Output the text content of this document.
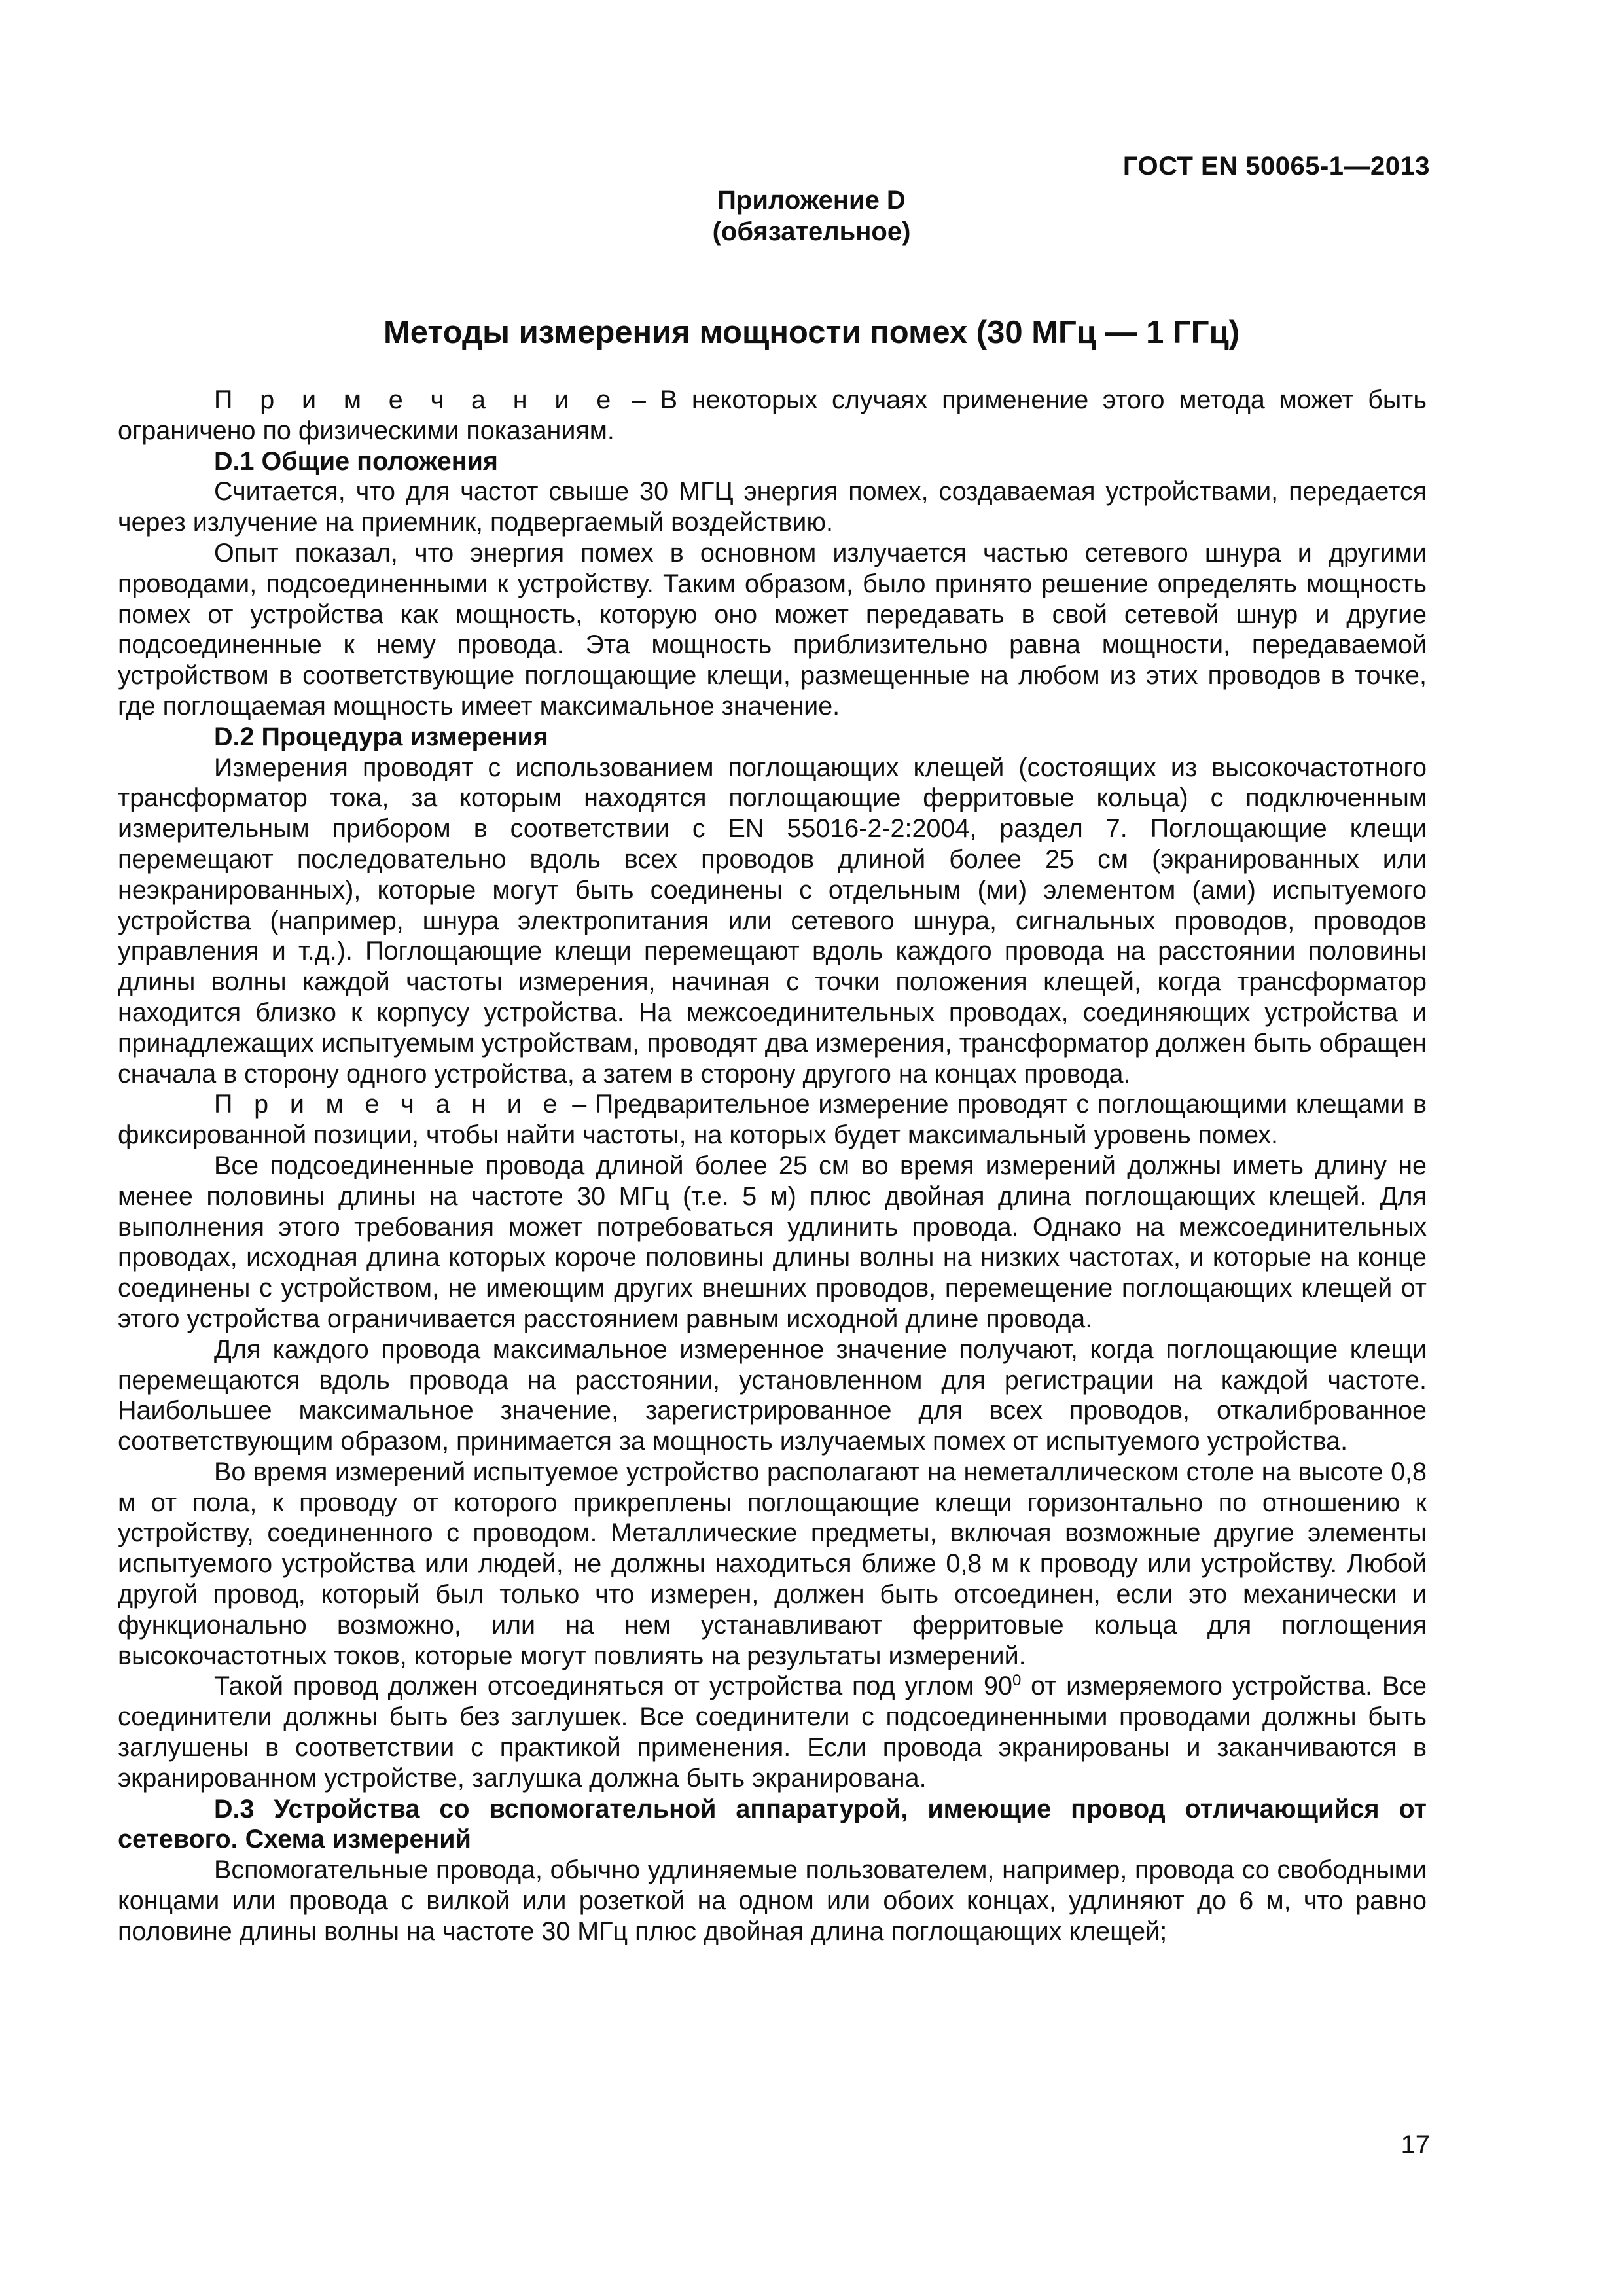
ГОСТ EN 50065-1—2013
Приложение D
(обязательное)
Методы измерения мощности помех (30 МГц — 1 ГГц)

П р и м е ч а н и е – В некоторых случаях применение этого метода может быть ограничено по физическими показаниям.

D.1 Общие положения

Считается, что для частот свыше 30 МГЦ энергия помех, создаваемая устройствами, передается через излучение на приемник, подвергаемый воздействию.

Опыт показал, что энергия помех в основном излучается частью сетевого шнура и другими проводами, подсоединенными к устройству. Таким образом, было принято решение определять мощность помех от устройства как мощность, которую оно может передавать в свой сетевой шнур и другие подсоединенные к нему провода. Эта мощность приблизительно равна мощности, передаваемой устройством в соответствующие поглощающие клещи, размещенные на любом из этих проводов в точке, где поглощаемая мощность имеет максимальное значение.

D.2 Процедура измерения

Измерения проводят с использованием поглощающих клещей (состоящих из высокочастотного трансформатор тока, за которым находятся поглощающие ферритовые кольца) с подключенным измерительным прибором в соответствии с EN 55016-2-2:2004, раздел 7. Поглощающие клещи перемещают последовательно вдоль всех проводов длиной более 25 см (экранированных или неэкранированных), которые могут быть соединены с отдельным (ми) элементом (ами) испытуемого устройства (например, шнура электропитания или сетевого шнура, сигнальных проводов, проводов управления и т.д.). Поглощающие клещи перемещают вдоль каждого провода на расстоянии половины длины волны каждой частоты измерения, начиная с точки положения клещей, когда трансформатор находится близко к корпусу устройства. На межсоединительных проводах, соединяющих устройства и принадлежащих испытуемым устройствам, проводят два измерения, трансформатор должен быть обращен сначала в сторону одного устройства, а затем в сторону другого на концах провода.

П р и м е ч а н и е – Предварительное измерение проводят с поглощающими клещами в фиксированной позиции, чтобы найти частоты, на которых будет максимальный уровень помех.

Все подсоединенные провода длиной более 25 см во время измерений должны иметь длину не менее половины длины на частоте 30 МГц (т.е. 5 м) плюс двойная длина поглощающих клещей. Для выполнения этого требования может потребоваться удлинить провода. Однако на межсоединительных проводах, исходная длина которых короче половины длины волны на низких частотах, и которые на конце соединены с устройством, не имеющим других внешних проводов, перемещение поглощающих клещей от этого устройства ограничивается расстоянием равным исходной длине провода.

Для каждого провода максимальное измеренное значение получают, когда поглощающие клещи перемещаются вдоль провода на расстоянии, установленном для регистрации на каждой частоте. Наибольшее максимальное значение, зарегистрированное для всех проводов, откалиброванное соответствующим образом, принимается за мощность излучаемых помех от испытуемого устройства.

Во время измерений испытуемое устройство располагают на неметаллическом столе на высоте 0,8 м от пола, к проводу от которого прикреплены поглощающие клещи горизонтально по отношению к устройству, соединенного с проводом. Металлические предметы, включая возможные другие элементы испытуемого устройства или людей, не должны находиться ближе 0,8 м к проводу или устройству. Любой другой провод, который был только что измерен, должен быть отсоединен, если это механически и функционально возможно, или на нем устанавливают ферритовые кольца для поглощения высокочастотных токов, которые могут повлиять на результаты измерений.

Такой провод должен отсоединяться от устройства под углом $90^0$ от измеряемого устройства. Все соединители должны быть без заглушек. Все соединители с подсоединенными проводами должны быть заглушены в соответствии с практикой применения. Если провода экранированы и заканчиваются в экранированном устройстве, заглушка должна быть экранирована.

D.3 Устройства со вспомогательной аппаратурой, имеющие провод отличающийся от сетевого. Схема измерений

Вспомогательные провода, обычно удлиняемые пользователем, например, провода со свободными концами или провода с вилкой или розеткой на одном или обоих концах, удлиняют до 6 м, что равно половине длины волны на частоте 30 МГц плюс двойная длина поглощающих клещей;

17
